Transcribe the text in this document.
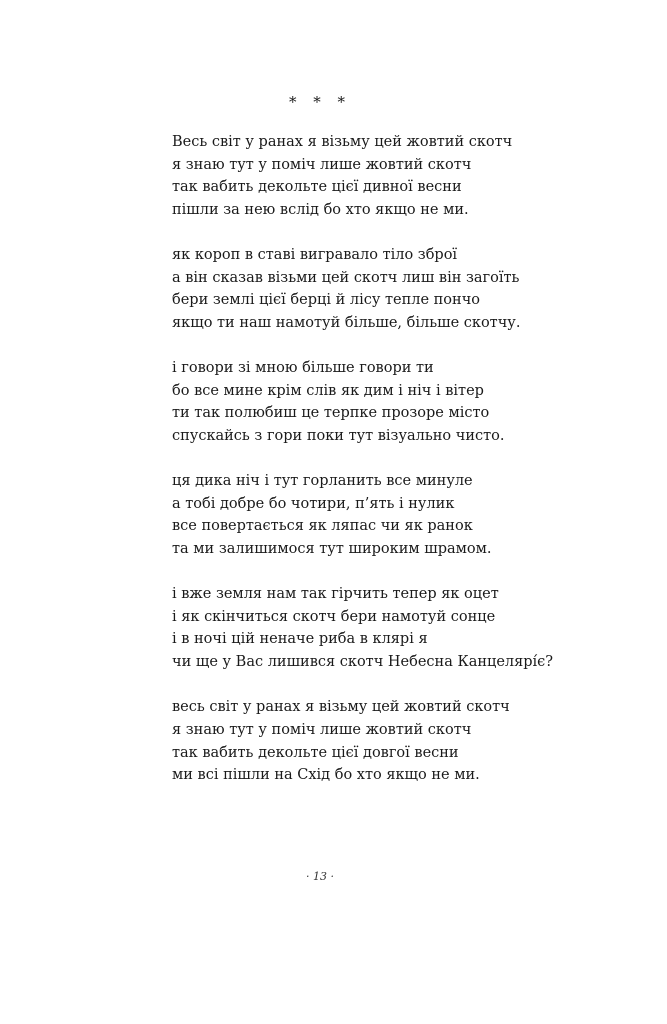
* * *
Весь світ у ранах я візьму цей жовтий скотч
я знаю тут у поміч лише жовтий скотч
так вабить декольте цієї дивної весни
пішли за нею вслід бо хто якщо не ми.
як короп в ставі вигравало тіло зброї
а він сказав візьми цей скотч лиш він загоїть
бери землі цієї берці й лісу тепле пончо
якщо ти наш намотуй більше, більше скотчу.
і говори зі мною більше говори ти
бо все мине крім слів як дим і ніч і вітер
ти так полюбиш це терпке прозоре місто
спускайсь з гори поки тут візуально чисто.
ця дика ніч і тут горланить все минуле
а тобі добре бо чотири, п’ять і нулик
все повертається як ляпас чи як ранок
та ми залишимося тут широким шрамом.
і вже земля нам так гірчить тепер як оцет
і як скінчиться скотч бери намотуй сонце
і в ночі цій неначе риба в клярі я
чи ще у Вас лишився скотч Небесна Канцелярі́є?
весь світ у ранах я візьму цей жовтий скотч
я знаю тут у поміч лише жовтий скотч
так вабить декольте цієї довгої весни
ми всі пішли на Схід бо хто якщо не ми.
· 13 ·
